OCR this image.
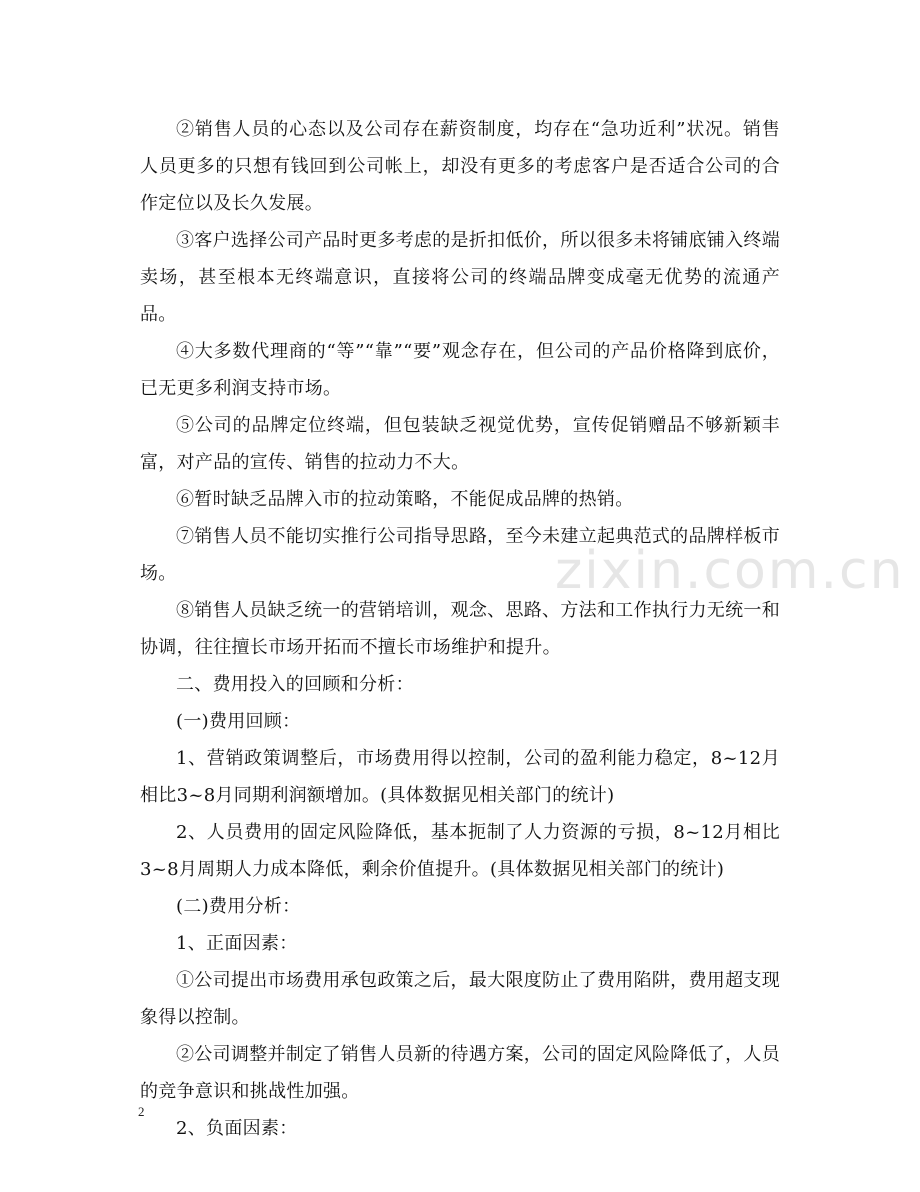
zixin.com.cn

②销售人员的心态以及公司存在薪资制度，均存在“急功近利”状况。销售人员更多的只想有钱回到公司帐上，却没有更多的考虑客户是否适合公司的合作定位以及长久发展。

③客户选择公司产品时更多考虑的是折扣低价，所以很多未将铺底铺入终端卖场，甚至根本无终端意识，直接将公司的终端品牌变成毫无优势的流通产品。

④大多数代理商的“等”“靠”“要”观念存在，但公司的产品价格降到底价，已无更多利润支持市场。

⑤公司的品牌定位终端，但包装缺乏视觉优势，宣传促销赠品不够新颖丰富，对产品的宣传、销售的拉动力不大。

⑥暂时缺乏品牌入市的拉动策略，不能促成品牌的热销。

⑦销售人员不能切实推行公司指导思路，至今未建立起典范式的品牌样板市场。

⑧销售人员缺乏统一的营销培训，观念、思路、方法和工作执行力无统一和协调，往往擅长市场开拓而不擅长市场维护和提升。

二、费用投入的回顾和分析：

(一)费用回顾：

1、营销政策调整后，市场费用得以控制，公司的盈利能力稳定，8~12月相比3~8月同期利润额增加。(具体数据见相关部门的统计)

2、人员费用的固定风险降低，基本扼制了人力资源的亏损，8~12月相比3~8月周期人力成本降低，剩余价值提升。(具体数据见相关部门的统计)

(二)费用分析：

1、正面因素：

①公司提出市场费用承包政策之后，最大限度防止了费用陷阱，费用超支现象得以控制。

②公司调整并制定了销售人员新的待遇方案，公司的固定风险降低了，人员的竞争意识和挑战性加强。

2、负面因素：

2
